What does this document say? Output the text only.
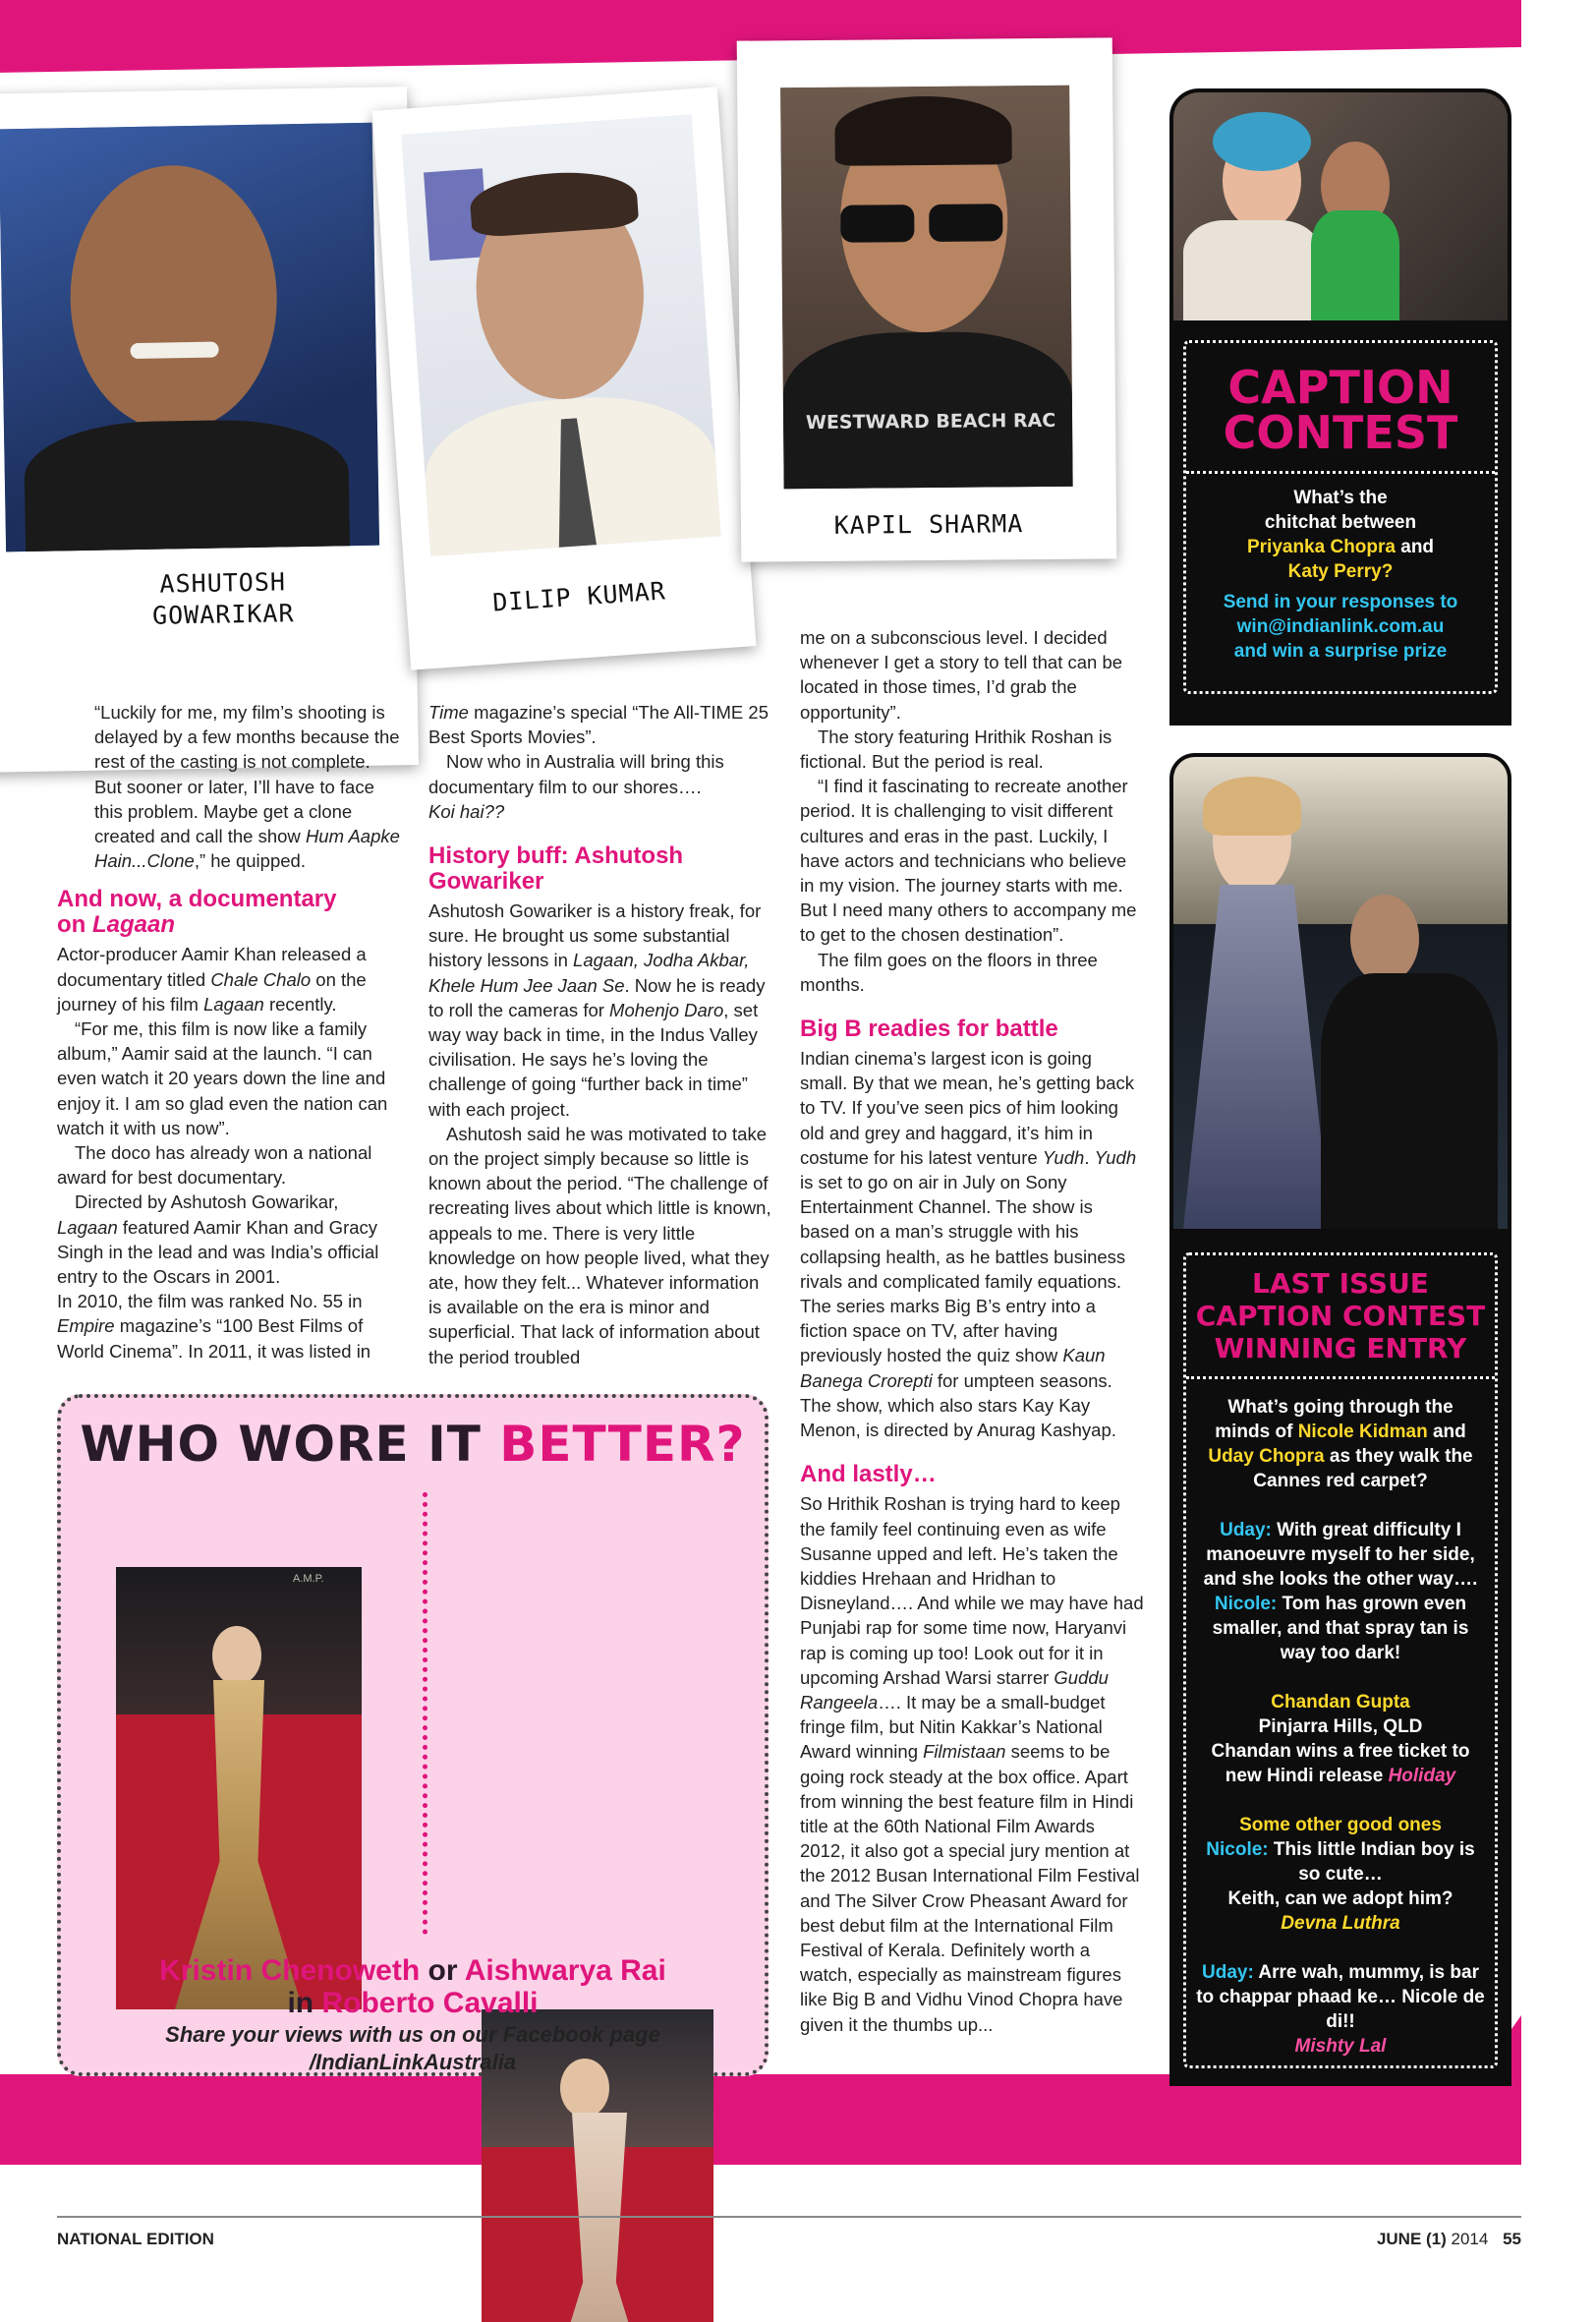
ASHUTOSH
GOWARIKAR	DILIP KUMAR
WESTWARD BEACH RAC
KAPIL SHARMA

“Luckily for me, my film’s shooting is delayed by a few months because the rest of the casting is not complete. But sooner or later, I’ll have to face this problem. Maybe get a clone created and call the show Hum Aapke Hain...Clone,” he quipped.

And now, a documentary
on Lagaan

Actor-producer Aamir Khan released a documentary titled Chale Chalo on the journey of his film Lagaan recently.

“For me, this film is now like a family album,” Aamir said at the launch. “I can even watch it 20 years down the line and enjoy it. I am so glad even the nation can watch it with us now”.

The doco has already won a national award for best documentary.

Directed by Ashutosh Gowarikar, Lagaan featured Aamir Khan and Gracy Singh in the lead and was India’s official entry to the Oscars in 2001.

In 2010, the film was ranked No. 55 in Empire magazine’s “100 Best Films of World Cinema”. In 2011, it was listed in

Time magazine’s special “The All-TIME 25 Best Sports Movies”.

Now who in Australia will bring this documentary film to our shores….
Koi hai??

History buff: Ashutosh Gowariker

Ashutosh Gowariker is a history freak, for sure. He brought us some substantial history lessons in Lagaan, Jodha Akbar, Khele Hum Jee Jaan Se. Now he is ready to roll the cameras for Mohenjo Daro, set way way back in time, in the Indus Valley civilisation. He says he’s loving the challenge of going “further back in time” with each project.

Ashutosh said he was motivated to take on the project simply because so little is known about the period. “The challenge of recreating lives about which little is known, appeals to me. There is very little knowledge on how people lived, what they ate, how they felt... Whatever information is available on the era is minor and superficial. That lack of information about the period troubled

me on a subconscious level. I decided whenever I get a story to tell that can be located in those times, I’d grab the opportunity”.

The story featuring Hrithik Roshan is fictional. But the period is real.

“I find it fascinating to recreate another period. It is challenging to visit different cultures and eras in the past. Luckily, I have actors and technicians who believe in my vision. The journey starts with me. But I need many others to accompany me to get to the chosen destination”.

The film goes on the floors in three months.

Big B readies for battle

Indian cinema’s largest icon is going small. By that we mean, he’s getting back to TV. If you’ve seen pics of him looking old and grey and haggard, it’s him in costume for his latest venture Yudh. Yudh is set to go on air in July on Sony Entertainment Channel. The show is based on a man’s struggle with his collapsing health, as he battles business rivals and complicated family equations. The series marks Big B’s entry into a fiction space on TV, after having previously hosted the quiz show Kaun Banega Crorepti for umpteen seasons. The show, which also stars Kay Kay Menon, is directed by Anurag Kashyap.

And lastly…

So Hrithik Roshan is trying hard to keep the family feel continuing even as wife Susanne upped and left. He’s taken the kiddies Hrehaan and Hridhan to Disneyland…. And while we may have had Punjabi rap for some time now, Haryanvi rap is coming up too! Look out for it in upcoming Arshad Warsi starrer Guddu Rangeela…. It may be a small-budget fringe film, but Nitin Kakkar’s National Award winning Filmistaan seems to be going rock steady at the box office. Apart from winning the best feature film in Hindi title at the 60th National Film Awards 2012, it also got a special jury mention at the 2012 Busan International Film Festival and The Silver Crow Pheasant Award for best debut film at the International Film Festival of Kerala. Definitely worth a watch, especially as mainstream figures like Big B and Vidhu Vinod Chopra have given it the thumbs up...

CAPTION
CONTEST
What’s the
chitchat between
Priyanka Chopra and
Katy Perry?
Send in your responses to
win@indianlink.com.au
and win a surprise prize
LAST ISSUE
CAPTION CONTEST
WINNING ENTRY
What’s going through the
minds of Nicole Kidman and
Uday Chopra as they walk the
Cannes red carpet?
Uday: With great difficulty I manoeuvre myself to her side, and she looks the other way….
Nicole: Tom has grown even smaller, and that spray tan is way too dark!
Chandan Gupta
Pinjarra Hills, QLD
Chandan wins a free ticket to new Hindi release Holiday
Some other good ones
Nicole: This little Indian boy is so cute…
Keith, can we adopt him?
Devna Luthra
Uday: Arre wah, mummy, is bar to chappar phaad ke… Nicole de di!!
Mishty Lal
WHO WORE IT BETTER?
A.M.P.
Kristin Chenoweth or Aishwarya Rai
in Roberto Cavalli
Share your views with us on our Facebook page
/IndianLinkAustralia
NATIONAL EDITION	JUNE (1) 2014 55
